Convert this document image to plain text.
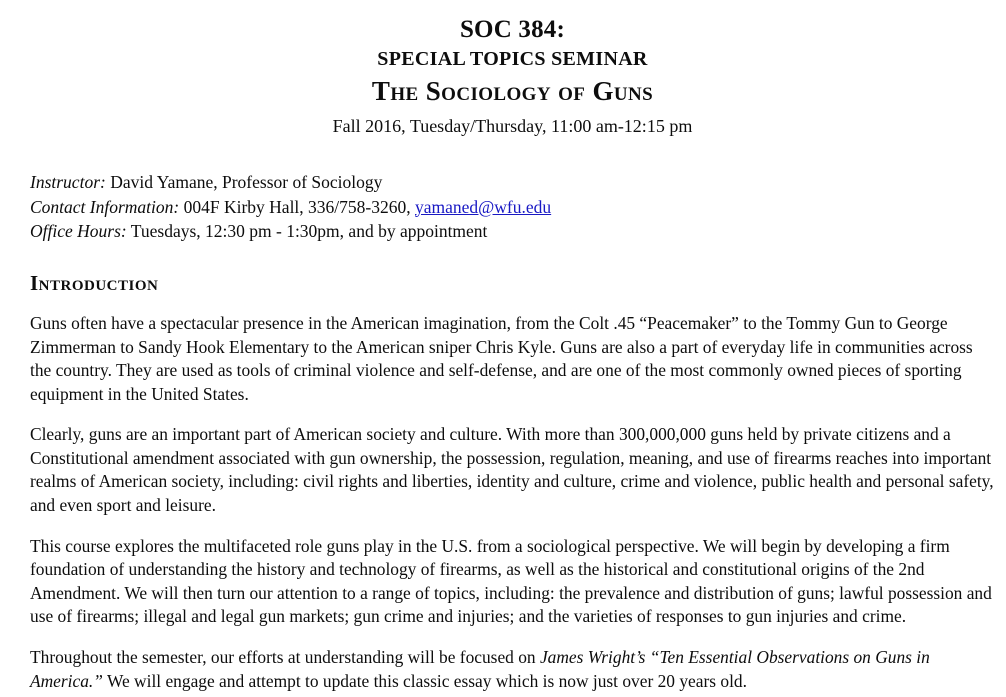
SOC 384:
SPECIAL TOPICS SEMINAR
The Sociology of Guns
Fall 2016, Tuesday/Thursday, 11:00 am-12:15 pm
Instructor: David Yamane, Professor of Sociology
Contact Information: 004F Kirby Hall, 336/758-3260, yamaned@wfu.edu
Office Hours: Tuesdays, 12:30 pm - 1:30pm, and by appointment
Introduction

Guns often have a spectacular presence in the American imagination, from the Colt .45 “Peacemaker” to the Tommy Gun to George Zimmerman to Sandy Hook Elementary to the American sniper Chris Kyle. Guns are also a part of everyday life in communities across the country. They are used as tools of criminal violence and self-defense, and are one of the most commonly owned pieces of sporting equipment in the United States.

Clearly, guns are an important part of American society and culture. With more than 300,000,000 guns held by private citizens and a Constitutional amendment associated with gun ownership, the possession, regulation, meaning, and use of firearms reaches into important realms of American society, including: civil rights and liberties, identity and culture, crime and violence, public health and personal safety, and even sport and leisure.

This course explores the multifaceted role guns play in the U.S. from a sociological perspective. We will begin by developing a firm foundation of understanding the history and technology of firearms, as well as the historical and constitutional origins of the 2nd Amendment. We will then turn our attention to a range of topics, including: the prevalence and distribution of guns; lawful possession and use of firearms; illegal and legal gun markets; gun crime and injuries; and the varieties of responses to gun injuries and crime.

Throughout the semester, our efforts at understanding will be focused on James Wright’s “Ten Essential Observations on Guns in America.” We will engage and attempt to update this classic essay which is now just over 20 years old.
